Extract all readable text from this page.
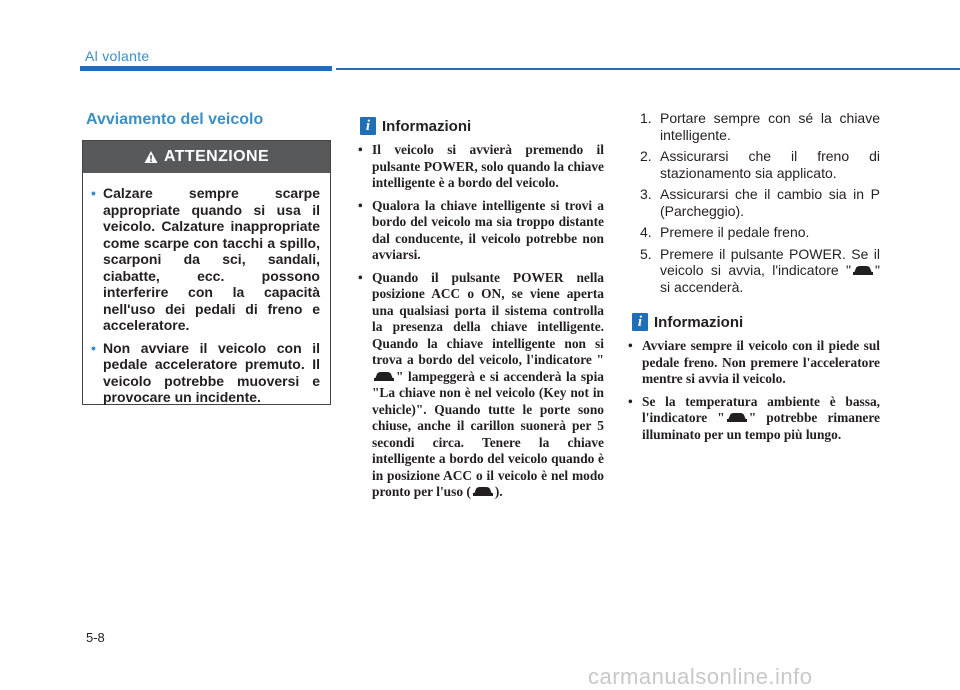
Al volante
Avviamento del veicolo
ATTENZIONE
• Calzare sempre scarpe appropriate quando si usa il veicolo. Calzature inappropriate come scarpe con tacchi a spillo, scarponi da sci, sandali, ciabatte, ecc. possono interferire con la capacità nell'uso dei pedali di freno e acceleratore.
• Non avviare il veicolo con il pedale acceleratore premuto. Il veicolo potrebbe muoversi e provocare un incidente.
i Informazioni
• Il veicolo si avvierà premendo il pulsante POWER, solo quando la chiave intelligente è a bordo del veicolo.
• Qualora la chiave intelligente si trovi a bordo del veicolo ma sia troppo distante dal conducente, il veicolo potrebbe non avviarsi.
• Quando il pulsante POWER nella posizione ACC o ON, se viene aperta una qualsiasi porta il sistema controlla la presenza della chiave intelligente. Quando la chiave intelligente non si trova a bordo del veicolo, l'indicatore "" lampeggerà e si accenderà la spia "La chiave non è nel veicolo (Key not in vehicle)". Quando tutte le porte sono chiuse, anche il carillon suonerà per 5 secondi circa. Tenere la chiave intelligente a bordo del veicolo quando è in posizione ACC o il veicolo è nel modo pronto per l'uso ( ).
1. Portare sempre con sé la chiave intelligente.
2. Assicurarsi che il freno di stazionamento sia applicato.
3. Assicurarsi che il cambio sia in P (Parcheggio).
4. Premere il pedale freno.
5. Premere il pulsante POWER. Se il veicolo si avvia, l'indicatore " " si accenderà.
i Informazioni
• Avviare sempre il veicolo con il piede sul pedale freno. Non premere l'acceleratore mentre si avvia il veicolo.
• Se la temperatura ambiente è bassa, l'indicatore " " potrebbe rimanere illuminato per un tempo più lungo.
5-8
carmanualsonline.info
